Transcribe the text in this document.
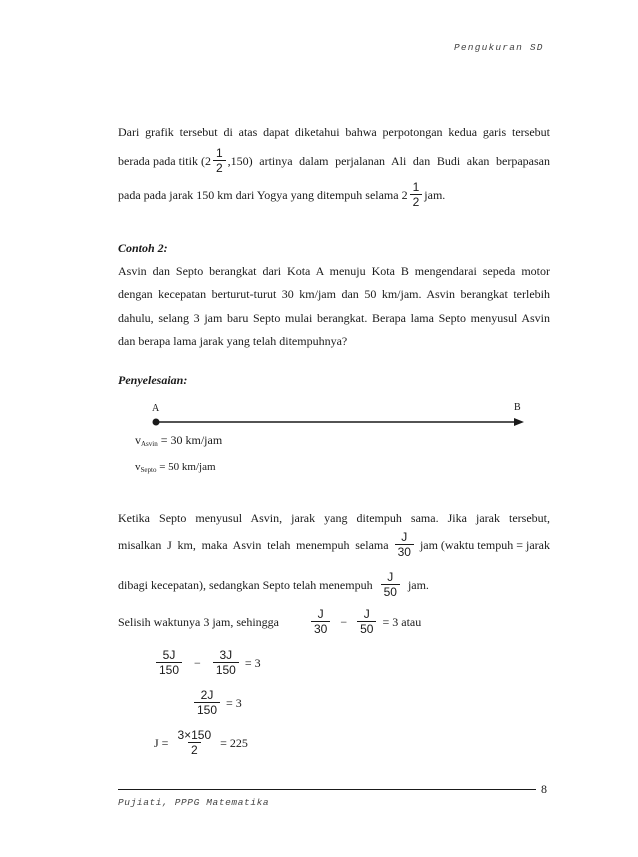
Pengukuran SD
Dari grafik tersebut di atas dapat diketahui bahwa perpotongan kedua garis tersebut
berada pada titik $(2 \frac{1}{2} ,150)$ artinya dalam perjalanan Ali dan Budi akan berpapasan
pada pada jarak 150 km dari Yogya yang ditempuh selama $2 \frac{1}{2}$ jam.
Contoh 2:
Asvin dan Septo berangkat dari Kota A menuju Kota B mengendarai sepeda motor
dengan kecepatan berturut-turut 30 km/jam dan 50 km/jam. Asvin berangkat terlebih
dahulu, selang 3 jam baru Septo mulai berangkat. Berapa lama Septo menyusul Asvin
dan berapa lama jarak yang telah ditempuhnya?
Penyelesaian:
A	B
$v_{Asvin} = 30$ km/jam
$v_{Septo} = 50$ km/jam
Ketika Septo menyusul Asvin, jarak yang ditempuh sama. Jika jarak tersebut,
misalkan J km, maka Asvin telah menempuh selama $\frac{J}{30}$ jam (waktu tempuh = jarak
dibagi kecepatan), sedangkan Septo telah menempuh $\frac{J}{50}$ jam.
Selisih waktunya 3 jam, sehingga	$\frac{J}{30} - \frac{J}{50} = 3$ atau
$\frac{5J}{150} - \frac{3J}{150} = 3$
$\frac{2J}{150} = 3$
$J = \frac{3\times 150}{2} = 225$
8
Pujiati, PPPG Matematika
